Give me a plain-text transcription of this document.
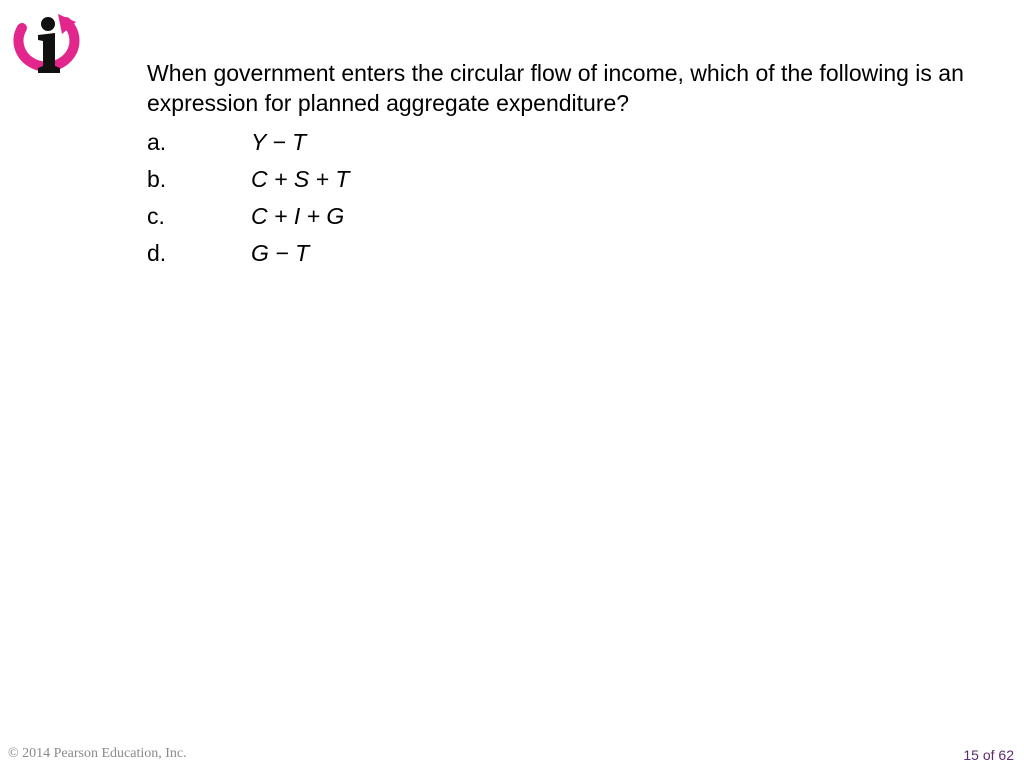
When government enters the circular flow of income, which of the following is an expression for planned aggregate expenditure?
a.	Y − T
b.	C + S + T
c.	C + I + G
d.	G − T
© 2014 Pearson Education, Inc.	15 of 62
